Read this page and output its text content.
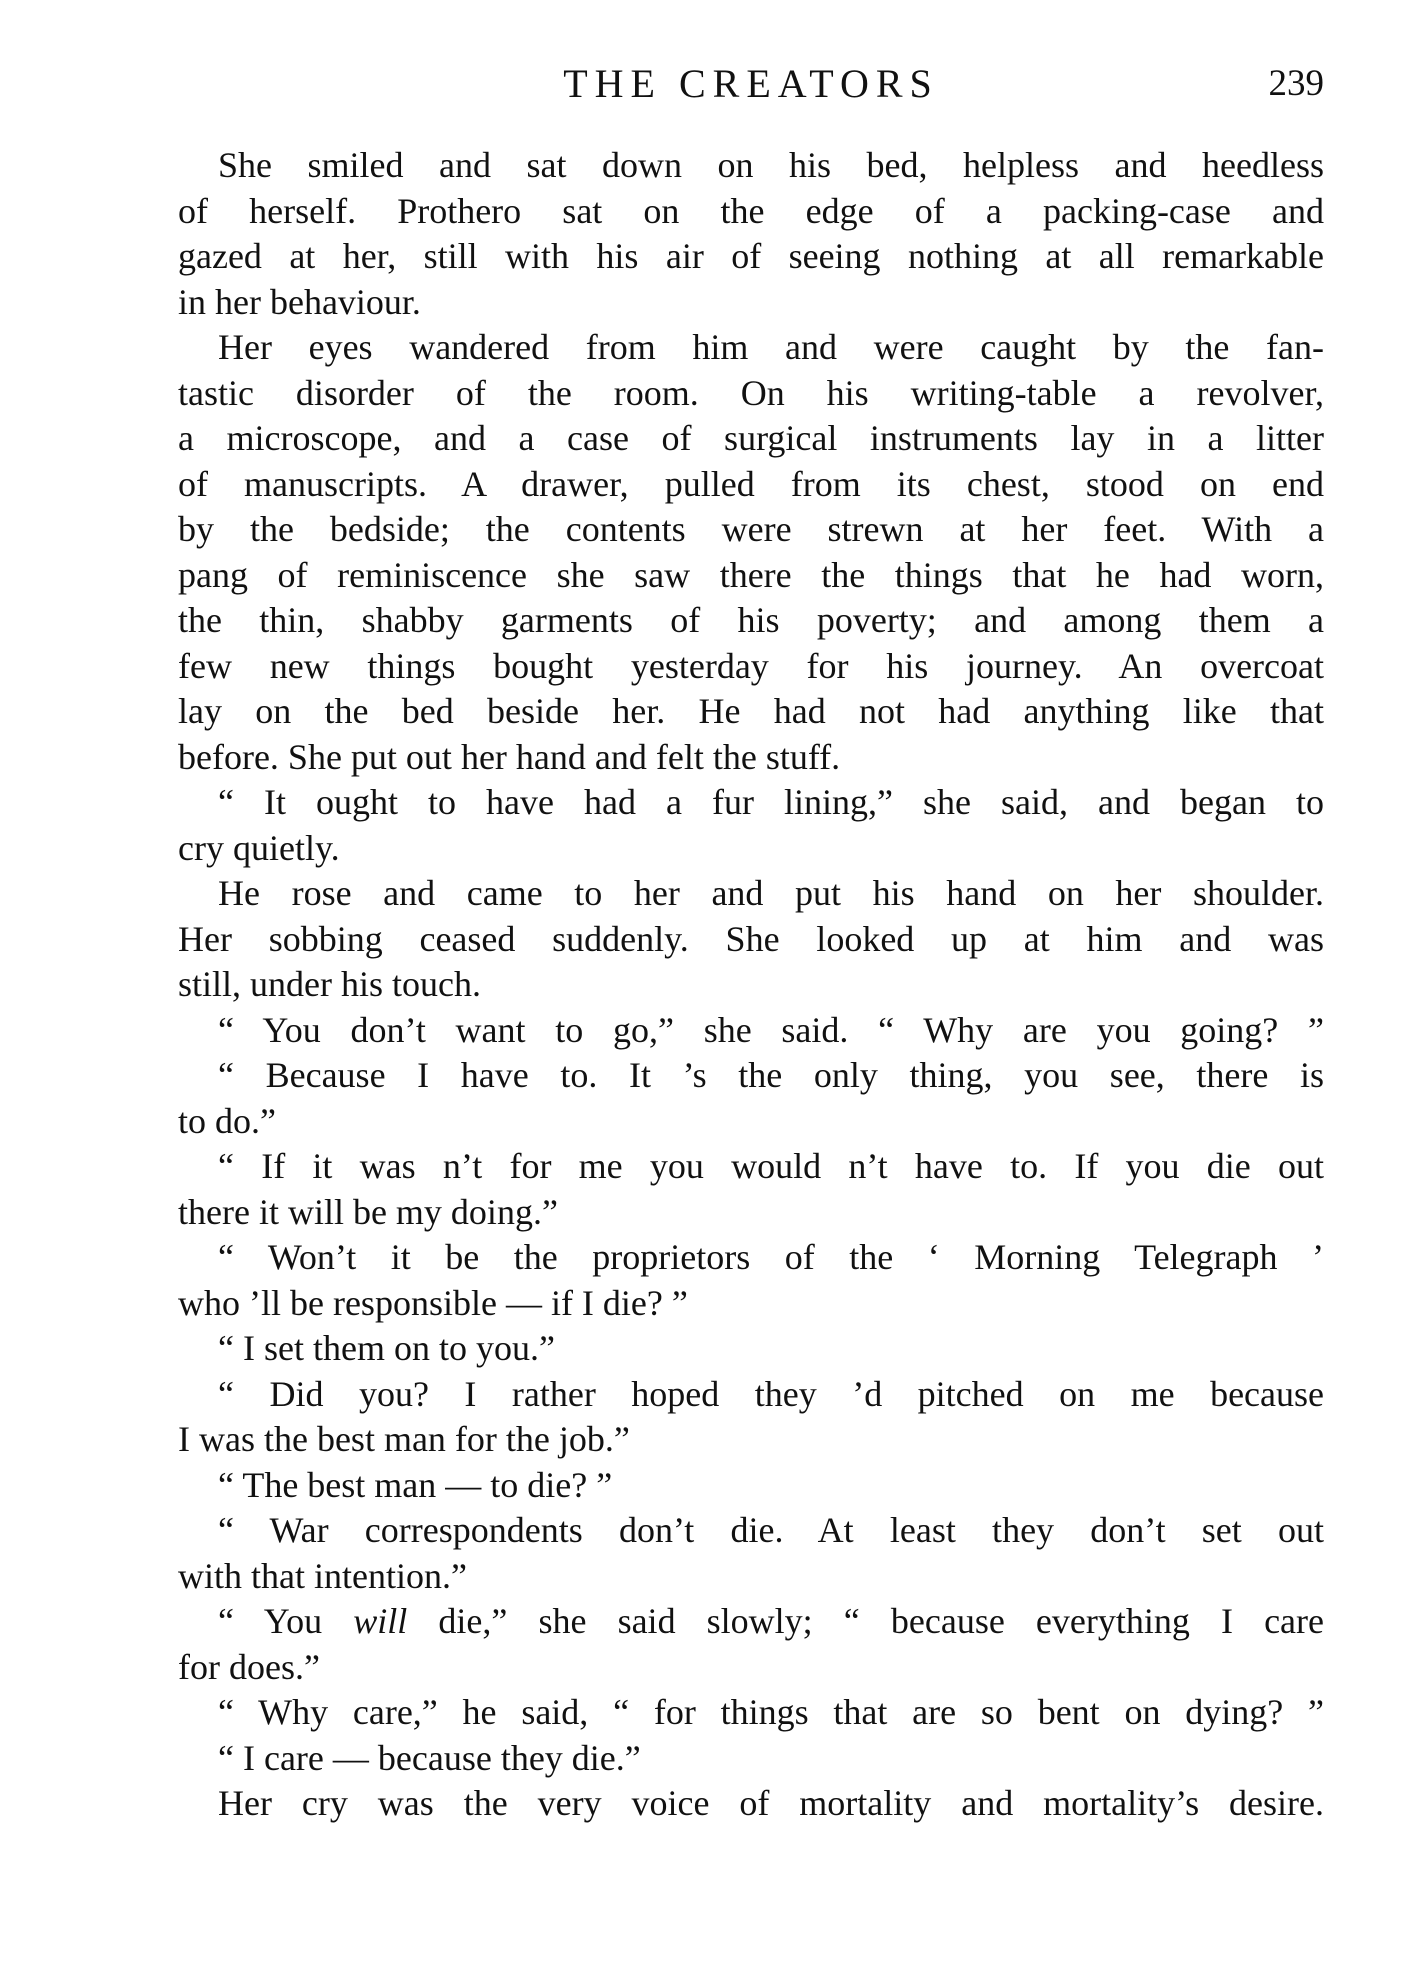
THE CREATORS	239
She smiled and sat down on his bed, helpless and heedless
of herself. Prothero sat on the edge of a packing-case and
gazed at her, still with his air of seeing nothing at all remarkable
in her behaviour.
Her eyes wandered from him and were caught by the fan-
tastic disorder of the room. On his writing-table a revolver,
a microscope, and a case of surgical instruments lay in a litter
of manuscripts. A drawer, pulled from its chest, stood on end
by the bedside; the contents were strewn at her feet. With a
pang of reminiscence she saw there the things that he had worn,
the thin, shabby garments of his poverty; and among them a
few new things bought yesterday for his journey. An overcoat
lay on the bed beside her. He had not had anything like that
before. She put out her hand and felt the stuff.
“ It ought to have had a fur lining,” she said, and began to
cry quietly.
He rose and came to her and put his hand on her shoulder.
Her sobbing ceased suddenly. She looked up at him and was
still, under his touch.
“ You don’t want to go,” she said. “ Why are you going? ”
“ Because I have to. It ’s the only thing, you see, there is
to do.”
“ If it was n’t for me you would n’t have to. If you die out
there it will be my doing.”
“ Won’t it be the proprietors of the ‘ Morning Telegraph ’
who ’ll be responsible — if I die? ”
“ I set them on to you.”
“ Did you? I rather hoped they ’d pitched on me because
I was the best man for the job.”
“ The best man — to die? ”
“ War correspondents don’t die. At least they don’t set out
with that intention.”
“ You will die,” she said slowly; “ because everything I care
for does.”
“ Why care,” he said, “ for things that are so bent on dying? ”
“ I care — because they die.”
Her cry was the very voice of mortality and mortality’s desire.
